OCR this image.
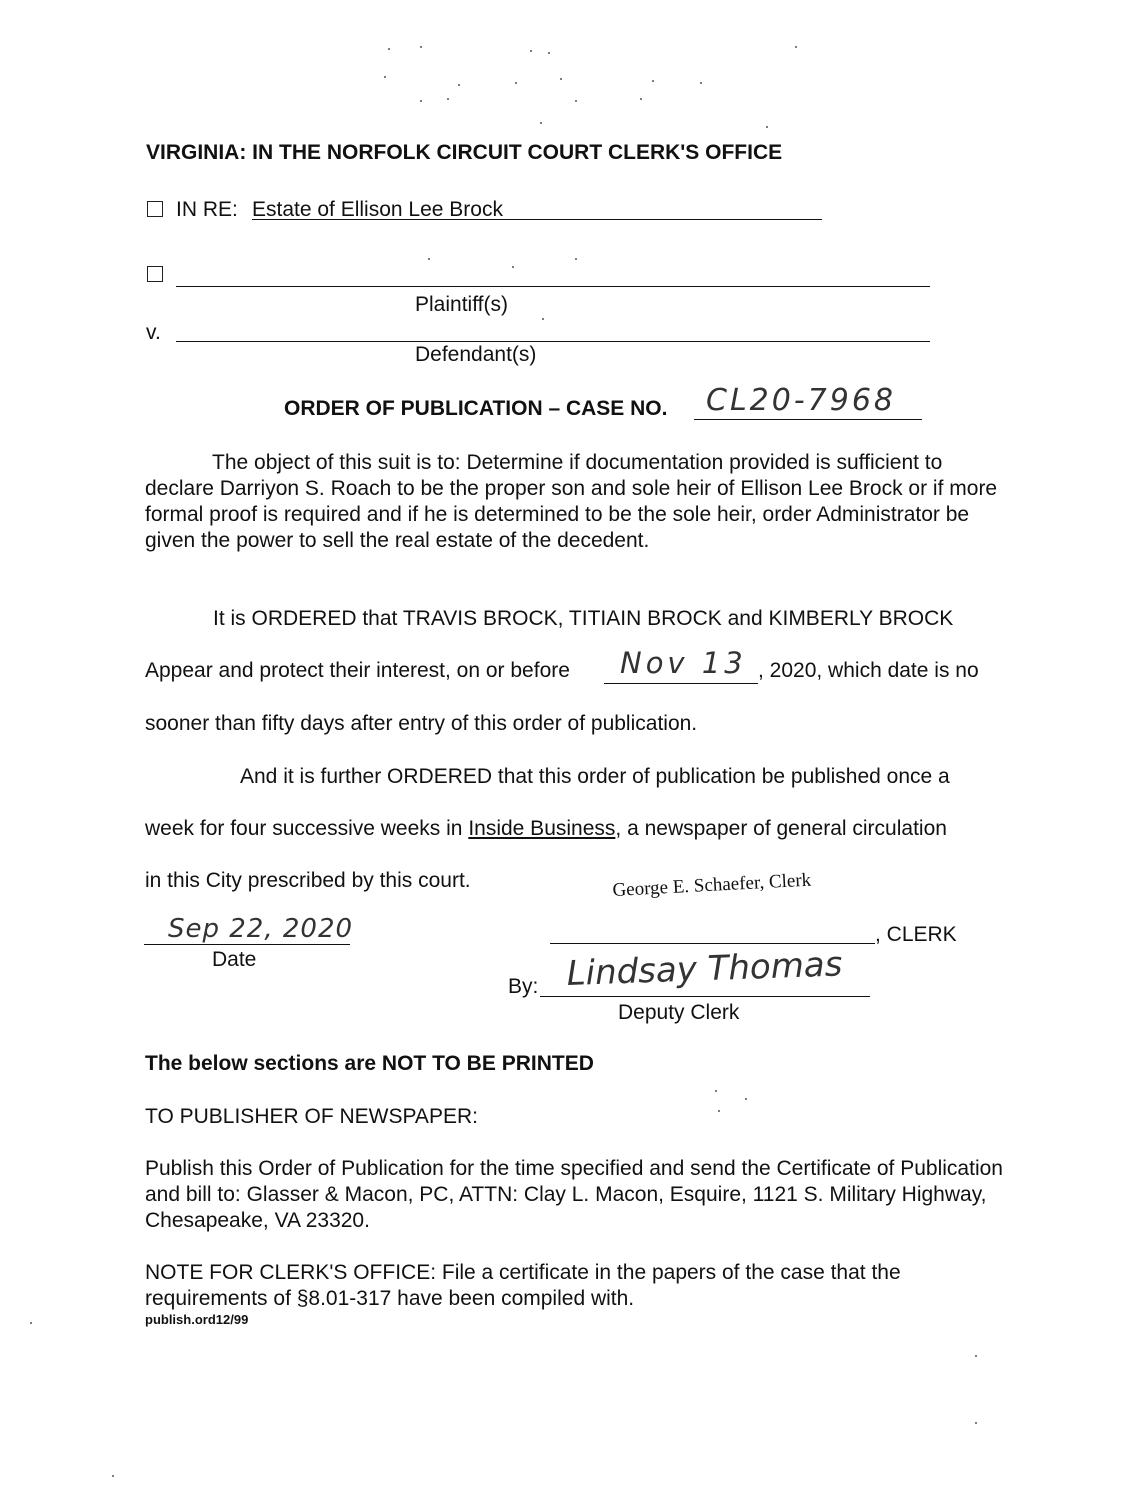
VIRGINIA: IN THE NORFOLK CIRCUIT COURT CLERK'S OFFICE
IN RE: Estate of Ellison Lee Brock
Plaintiff(s)
v.
Defendant(s)
ORDER OF PUBLICATION – CASE NO. CL20-7968
The object of this suit is to: Determine if documentation provided is sufficient to declare Darriyon S. Roach to be the proper son and sole heir of Ellison Lee Brock or if more formal proof is required and if he is determined to be the sole heir, order Administrator be given the power to sell the real estate of the decedent.
It is ORDERED that TRAVIS BROCK, TITIAIN BROCK and KIMBERLY BROCK
Appear and protect their interest, on or before Nov 13 , 2020, which date is no
sooner than fifty days after entry of this order of publication.
And it is further ORDERED that this order of publication be published once a
week for four successive weeks in Inside Business, a newspaper of general circulation
in this City prescribed by this court.	George E. Schaefer, Clerk
Sep 22, 2020
Date
, CLERK
By: Lindsay Thomas
Deputy Clerk
The below sections are NOT TO BE PRINTED
TO PUBLISHER OF NEWSPAPER:
Publish this Order of Publication for the time specified and send the Certificate of Publication and bill to: Glasser & Macon, PC, ATTN: Clay L. Macon, Esquire, 1121 S. Military Highway, Chesapeake, VA 23320.
NOTE FOR CLERK'S OFFICE: File a certificate in the papers of the case that the requirements of §8.01-317 have been compiled with.
publish.ord12/99
